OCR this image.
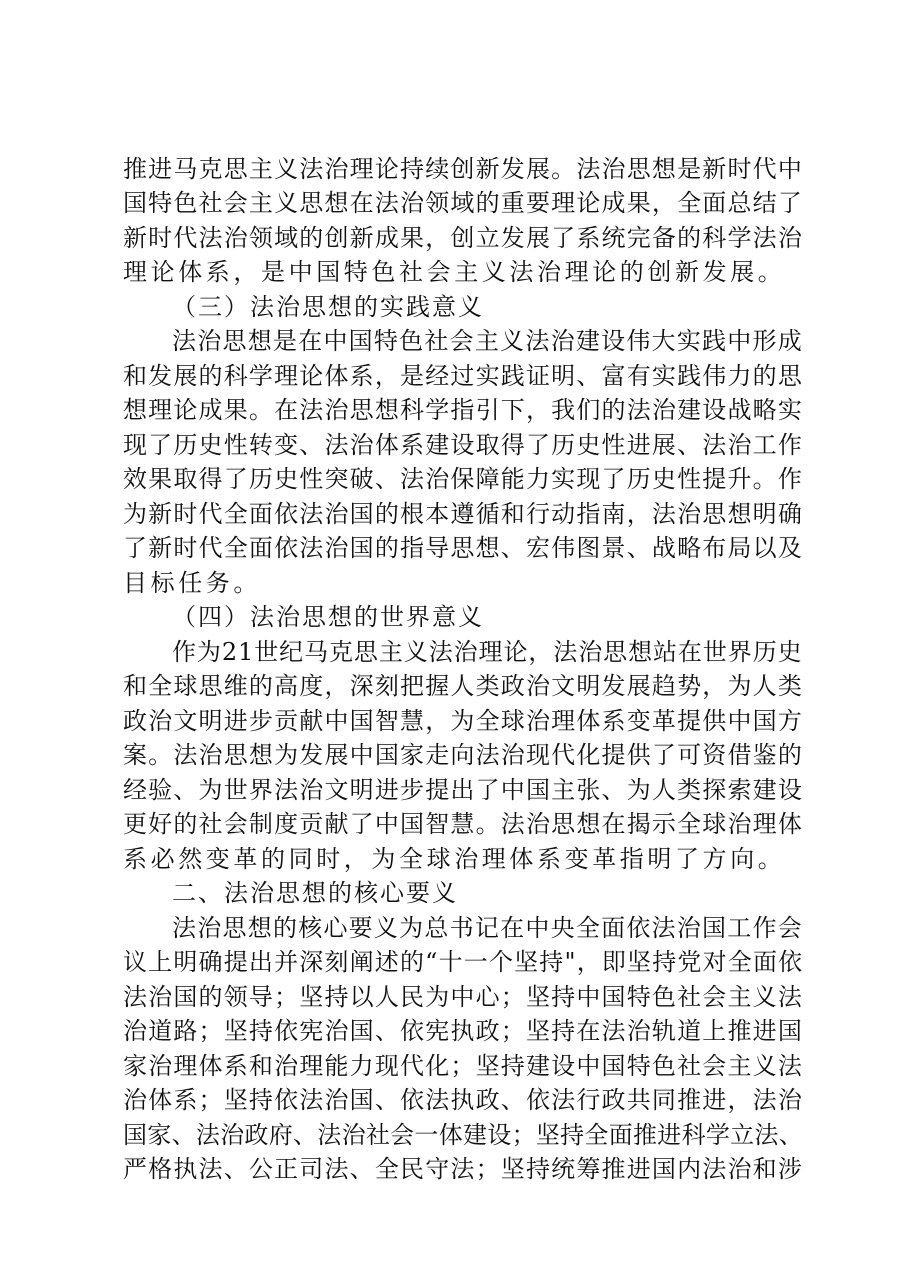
推进马克思主义法治理论持续创新发展。法治思想是新时代中
国特色社会主义思想在法治领域的重要理论成果，全面总结了
新时代法治领域的创新成果，创立发展了系统完备的科学法治
理论体系，是中国特色社会主义法治理论的创新发展。
（三）法治思想的实践意义
法治思想是在中国特色社会主义法治建设伟大实践中形成
和发展的科学理论体系，是经过实践证明、富有实践伟力的思
想理论成果。在法治思想科学指引下，我们的法治建设战略实
现了历史性转变、法治体系建设取得了历史性进展、法治工作
效果取得了历史性突破、法治保障能力实现了历史性提升。作
为新时代全面依法治国的根本遵循和行动指南，法治思想明确
了新时代全面依法治国的指导思想、宏伟图景、战略布局以及
目标任务。
（四）法治思想的世界意义
作为21世纪马克思主义法治理论，法治思想站在世界历史
和全球思维的高度，深刻把握人类政治文明发展趋势，为人类
政治文明进步贡献中国智慧，为全球治理体系变革提供中国方
案。法治思想为发展中国家走向法治现代化提供了可资借鉴的
经验、为世界法治文明进步提出了中国主张、为人类探索建设
更好的社会制度贡献了中国智慧。法治思想在揭示全球治理体
系必然变革的同时，为全球治理体系变革指明了方向。
二、法治思想的核心要义
法治思想的核心要义为总书记在中央全面依法治国工作会
议上明确提出并深刻阐述的“十一个坚持"，即坚持党对全面依
法治国的领导；坚持以人民为中心；坚持中国特色社会主义法
治道路；坚持依宪治国、依宪执政；坚持在法治轨道上推进国
家治理体系和治理能力现代化；坚持建设中国特色社会主义法
治体系；坚持依法治国、依法执政、依法行政共同推进，法治
国家、法治政府、法治社会一体建设；坚持全面推进科学立法、
严格执法、公正司法、全民守法；坚持统筹推进国内法治和涉
